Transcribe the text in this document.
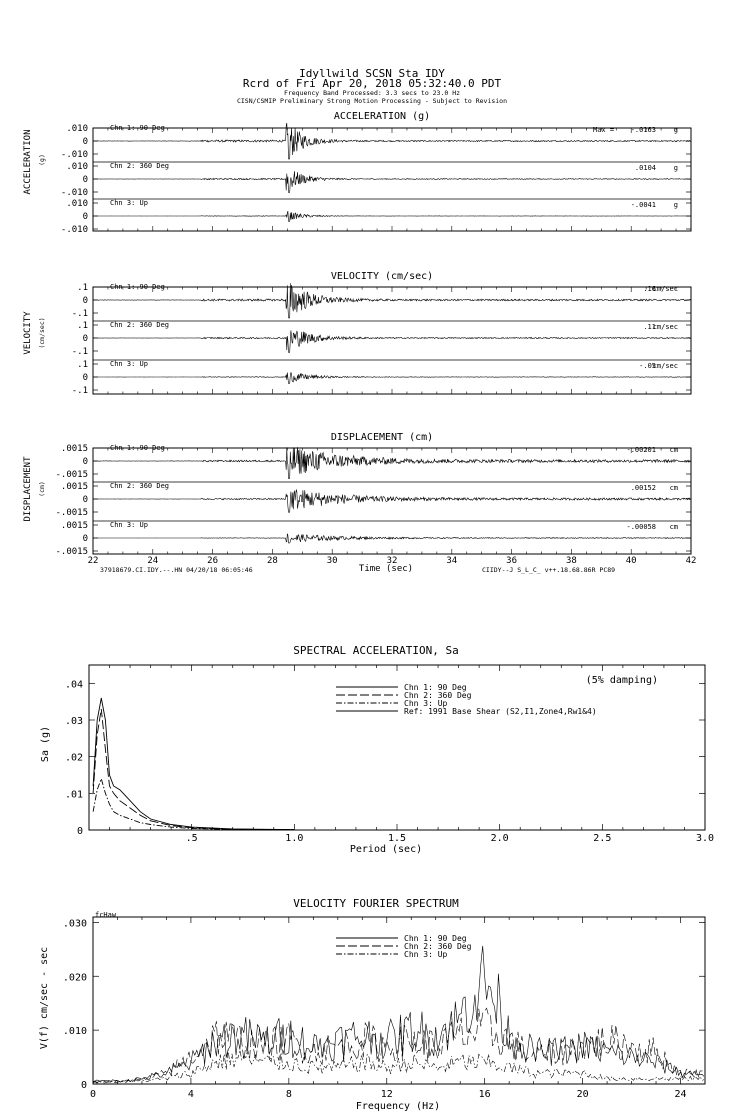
Idyllwild SCSN Sta IDY
Rcrd of Fri Apr 20, 2018 05:32:40.0 PDT
Frequency Band Processed: 3.3 secs to 23.0 Hz
CISN/CSMIP Preliminary Strong Motion Processing - Subject to Revision
ACCELERATION (g)
ACCELERATION (g)
.010
0
-.010
Chn 1: 90 Deg	Max = -.0163	g
.010
0
-.010
Chn 2: 360 Deg	.0104	g
.010
0
-.010
Chn 3: Up	-.0041	g
VELOCITY (cm/sec)
VELOCITY (cm/sec)
.1
0
-.1
Chn 1: 90 Deg	.16
cm/sec
.1
0
-.1
Chn 2: 360 Deg	.11
cm/sec
.1
0
-.1
Chn 3: Up	-.05
cm/sec
DISPLACEMENT (cm)
DISPLACEMENT (cm)
.0015
0
-.0015
Chn 1: 90 Deg	-.00201 cm
.0015
0
-.0015
Chn 2: 360 Deg	.00152 cm
.0015
0
-.0015
Chn 3: Up	-.00058 cm
22	24	26	28	30	32	34	36	38	40	42
Time (sec)
37918679.CI.IDY.--.HN 04/20/18 06:05:46	CIIDY--J S_L_C_ v++.18.68.86R PC89
SPECTRAL ACCELERATION, Sa
(5% damping)
Sa (g)
Period (sec)
.5	1.0	1.5	2.0	2.5	3.0
0
.01
.02
.03
.04	Chn 1: 90 Deg
Chn 2: 360 Deg
Chn 3: Up
Ref: 1991 Base Shear (S2,I1,Zone4,Rw1&4)
VELOCITY FOURIER SPECTRUM
fcHaw
V(f) cm/sec - sec
Frequency (Hz)
0	4	8	12	16	20	24
0
.010
.020
.030
Chn 1: 90 Deg
Chn 2: 360 Deg
Chn 3: Up
